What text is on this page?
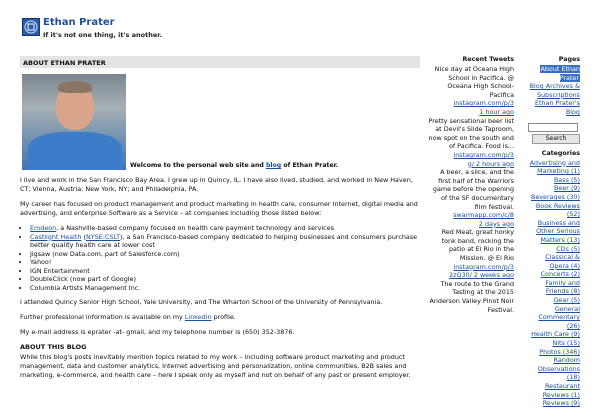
Ethan Prater
If it's not one thing, it's another.
ABOUT ETHAN PRATER
Welcome to the personal web site and blog of Ethan Prater.

I live and work in the San Francisco Bay Area. I grew up in Quincy, IL. I have also lived, studied, and worked in New Haven, CT; Vienna, Austria; New York, NY; and Philadelphia, PA.

My career has focused on product management and product marketing in health care, consumer Internet, digital media and advertising, and enterprise Software as a Service – at companies including those listed below:

• Emdeon, a Nashville-based company focused on health care payment technology and services
• Castlight Health (NYSE:CSLT), a San Francisco-based company dedicated to helping businesses and consumers purchase better quality health care at lower cost
• Jigsaw (now Data.com, part of Salesforce.com)
• Yahoo!
• IGN Entertainment
• DoubleClick (now part of Google)
• Columbia Artists Management Inc.

I attended Quincy Senior High School, Yale University, and The Wharton School of the University of Pennsylvania.

Further professional information is available on my Linkedin profile.

My e-mail address is eprater -at- gmail, and my telephone number is (650) 352-3876.

ABOUT THIS BLOG

While this blog's posts inevitably mention topics related to my work – including software product marketing and product management, data and customer analytics, Internet advertising and personalization, online communities, B2B sales and marketing, e-commerce, and health care – here I speak only as myself and not on behalf of any past or present employer.

Recent Tweets
Nice day at Oceana High School in Pacifica. @ Oceana High School-Pacifica
instagram.com/p/3
1 hour ago
Pretty sensational beer list at Devil's Slide Taproom, now spot on the south end of Pacifica. Food is...
instagram.com/p/3
g/ 2 hours ago
A beer, a slice, and the first half of the Warriors game before the opening of the SF documentary film festival.
swarmapp.com/c/8
2 days ago
Red Meat, great honky tonk band, rocking the patio at El Rio in the Mission. @ El Rio
instagram.com/p/3
2zQ30/ 2 weeks ago
The route to the Grand Tasting at the 2015 Anderson Valley Pinot Noir Festival.
Pages
About Ethan Prater
Blog Archives & Subscriptions
Ethan Prater's Blog
Search
Categories
Advertising and Marketing (1)
Bass (5)
Beer (9)
Beverages (30)
Book Reviews (52)
Business and Other Serious Matters (13)
CDs (5)
Classical & Opera (4)
Concerts (2)
Family and Friends (8)
Gear (5)
General Commentary (26)
Health Care (9)
Nits (15)
Photos (346)
Random Observations (18)
Restaurant Reviews (1)
Reviews (9)
